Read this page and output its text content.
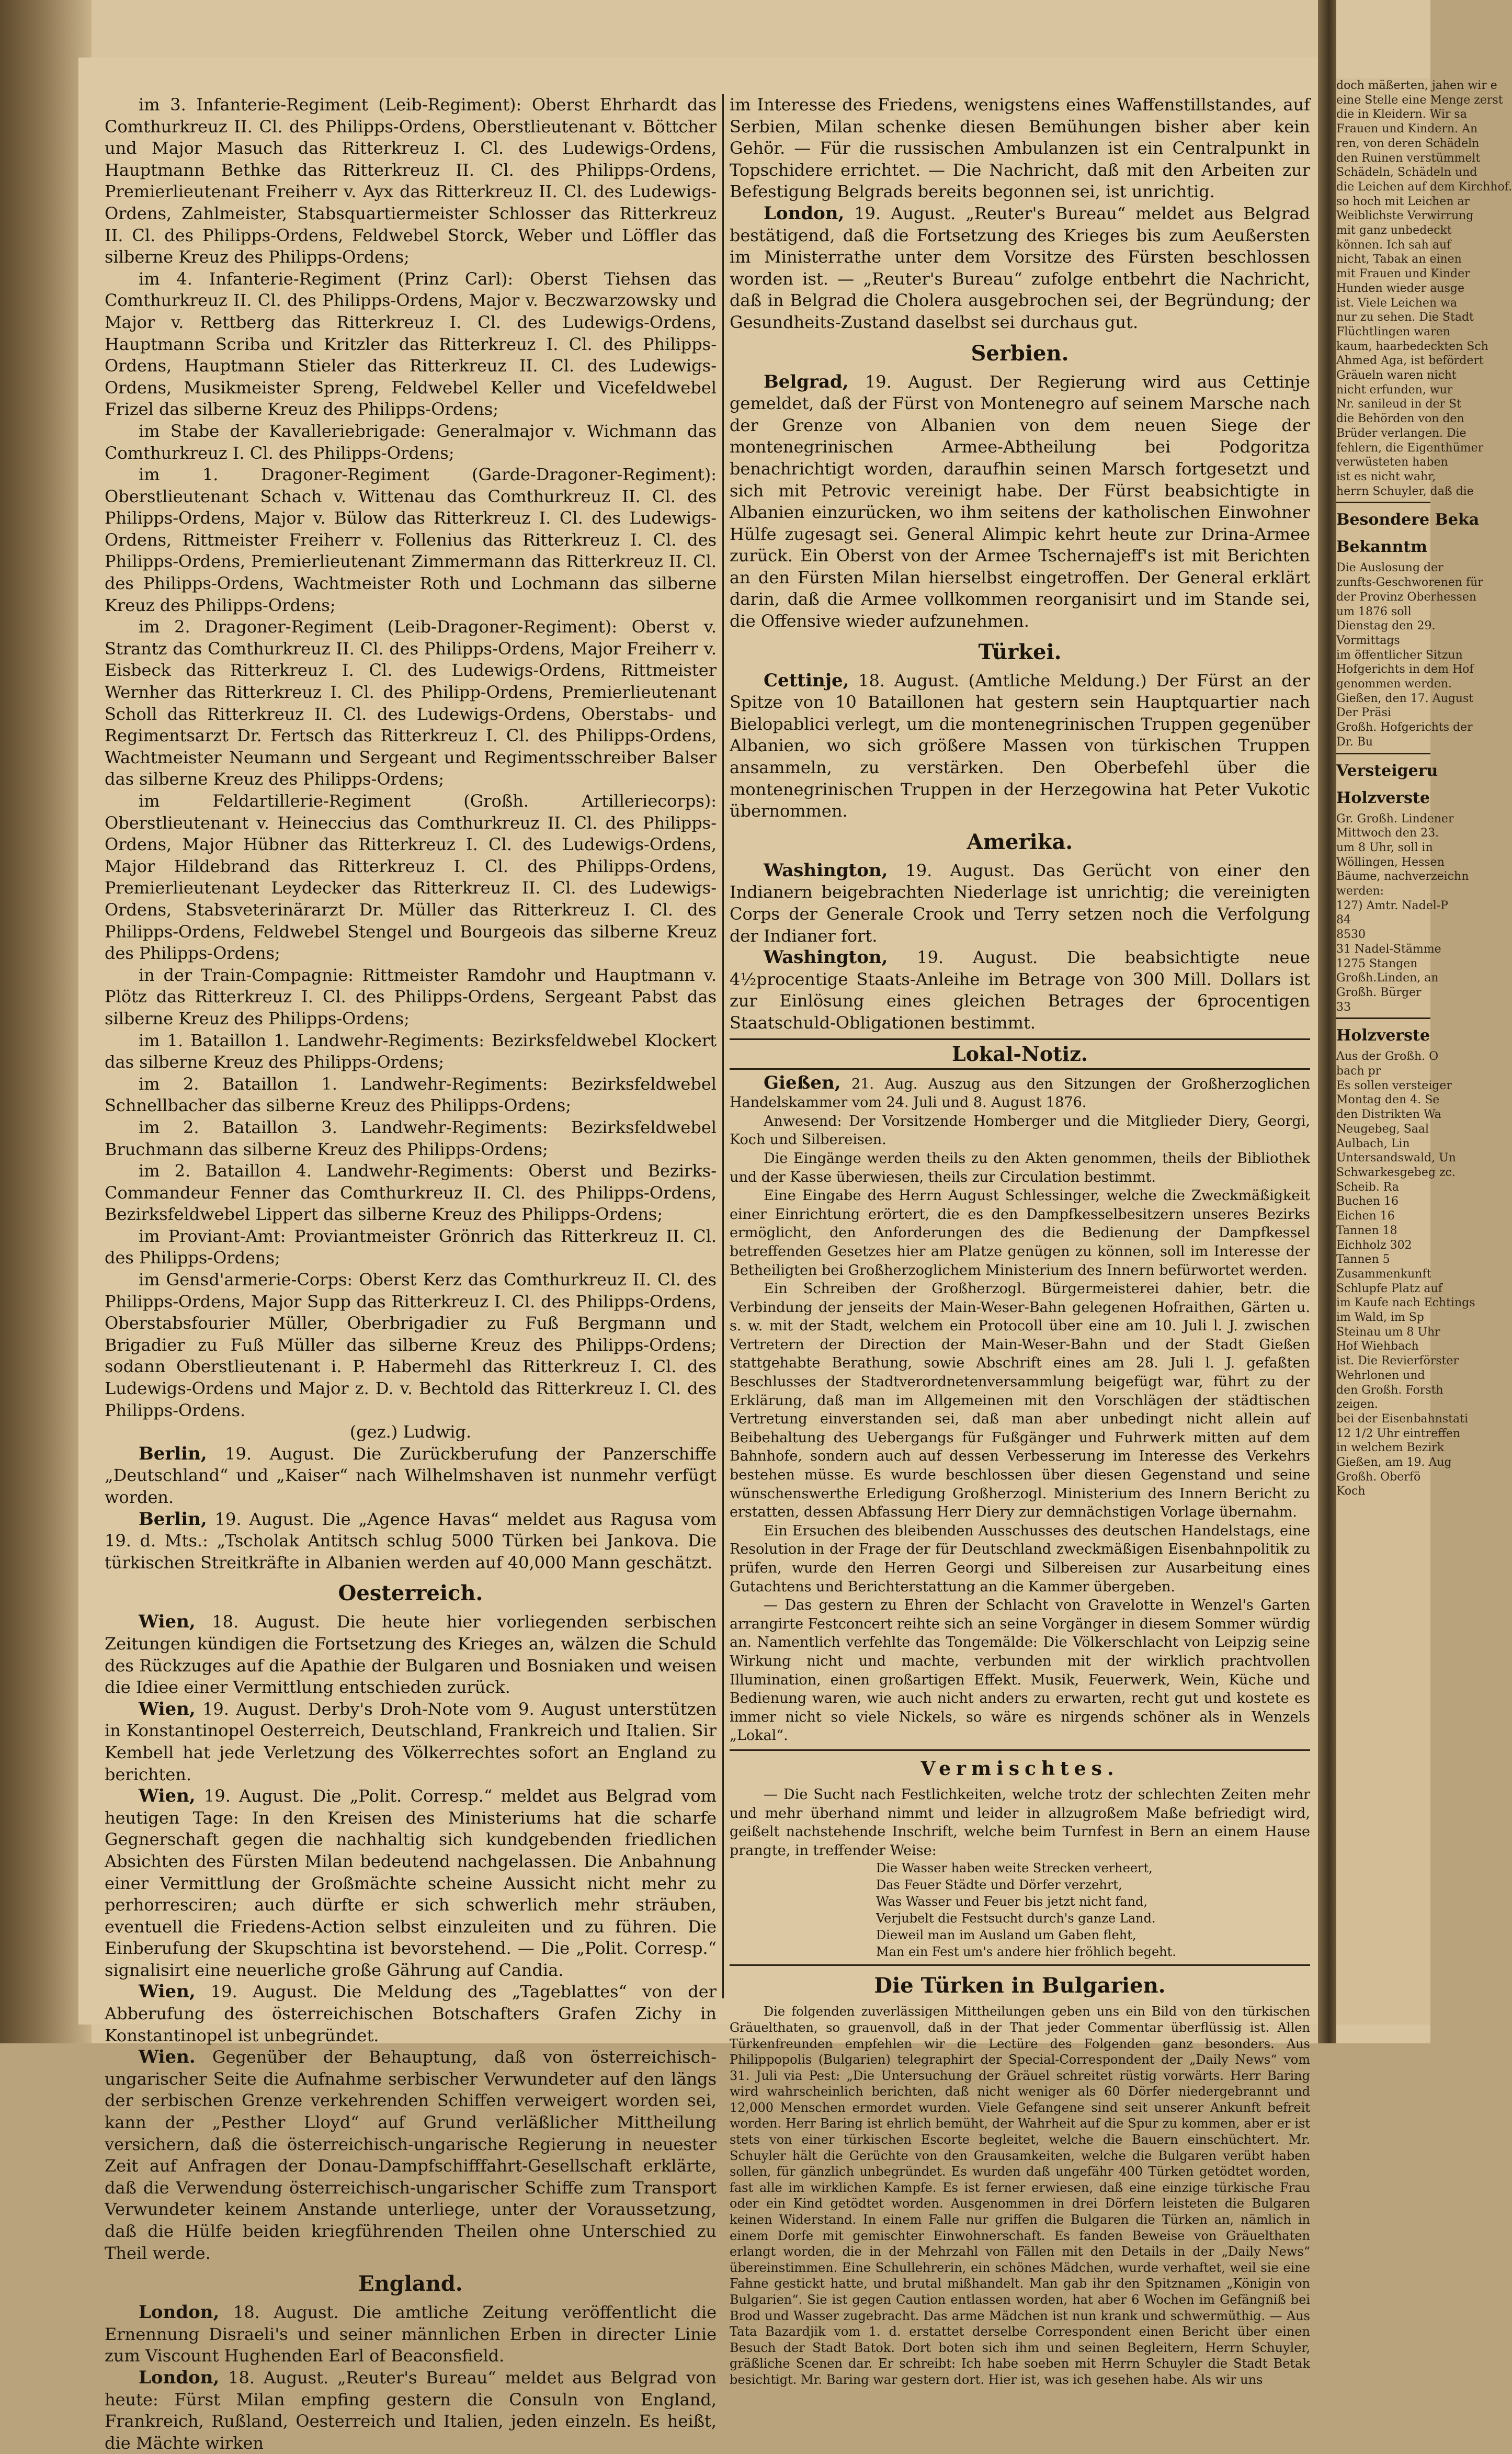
im 3. Infanterie-Regiment (Leib-Regiment): Oberst Ehrhardt das Comthurkreuz II. Cl. des Philipps-Ordens, Oberstlieutenant v. Böttcher und Major Masuch das Ritterkreuz I. Cl. des Ludewigs-Ordens, Hauptmann Bethke das Ritterkreuz II. Cl. des Philipps-Ordens, Premierlieutenant Freiherr v. Ayx das Ritterkreuz II. Cl. des Ludewigs-Ordens, Zahlmeister, Stabsquartiermeister Schlosser das Ritterkreuz II. Cl. des Philipps-Ordens, Feldwebel Storck, Weber und Löffler das silberne Kreuz des Philipps-Ordens;

im 4. Infanterie-Regiment (Prinz Carl): Oberst Tiehsen das Comthurkreuz II. Cl. des Philipps-Ordens, Major v. Beczwarzowsky und Major v. Rettberg das Ritterkreuz I. Cl. des Ludewigs-Ordens, Hauptmann Scriba und Kritzler das Ritterkreuz I. Cl. des Philipps-Ordens, Hauptmann Stieler das Ritterkreuz II. Cl. des Ludewigs-Ordens, Musikmeister Spreng, Feldwebel Keller und Vicefeldwebel Frizel das silberne Kreuz des Philipps-Ordens;

im Stabe der Kavalleriebrigade: Generalmajor v. Wichmann das Comthurkreuz I. Cl. des Philipps-Ordens;

im 1. Dragoner-Regiment (Garde-Dragoner-Regiment): Oberstlieutenant Schach v. Wittenau das Comthurkreuz II. Cl. des Philipps-Ordens, Major v. Bülow das Ritterkreuz I. Cl. des Ludewigs-Ordens, Rittmeister Freiherr v. Follenius das Ritterkreuz I. Cl. des Philipps-Ordens, Premierlieutenant Zimmermann das Ritterkreuz II. Cl. des Philipps-Ordens, Wachtmeister Roth und Lochmann das silberne Kreuz des Philipps-Ordens;

im 2. Dragoner-Regiment (Leib-Dragoner-Regiment): Oberst v. Strantz das Comthurkreuz II. Cl. des Philipps-Ordens, Major Freiherr v. Eisbeck das Ritterkreuz I. Cl. des Ludewigs-Ordens, Rittmeister Wernher das Ritterkreuz I. Cl. des Philipp-Ordens, Premierlieutenant Scholl das Ritterkreuz II. Cl. des Ludewigs-Ordens, Oberstabs- und Regimentsarzt Dr. Fertsch das Ritterkreuz I. Cl. des Philipps-Ordens, Wachtmeister Neumann und Sergeant und Regimentsschreiber Balser das silberne Kreuz des Philipps-Ordens;

im Feldartillerie-Regiment (Großh. Artilleriecorps): Oberstlieutenant v. Heineccius das Comthurkreuz II. Cl. des Philipps-Ordens, Major Hübner das Ritterkreuz I. Cl. des Ludewigs-Ordens, Major Hildebrand das Ritterkreuz I. Cl. des Philipps-Ordens, Premierlieutenant Leydecker das Ritterkreuz II. Cl. des Ludewigs-Ordens, Stabsveterinärarzt Dr. Müller das Ritterkreuz I. Cl. des Philipps-Ordens, Feldwebel Stengel und Bourgeois das silberne Kreuz des Philipps-Ordens;

in der Train-Compagnie: Rittmeister Ramdohr und Hauptmann v. Plötz das Ritterkreuz I. Cl. des Philipps-Ordens, Sergeant Pabst das silberne Kreuz des Philipps-Ordens;

im 1. Bataillon 1. Landwehr-Regiments: Bezirksfeldwebel Klockert das silberne Kreuz des Philipps-Ordens;

im 2. Bataillon 1. Landwehr-Regiments: Bezirksfeldwebel Schnellbacher das silberne Kreuz des Philipps-Ordens;

im 2. Bataillon 3. Landwehr-Regiments: Bezirksfeldwebel Bruchmann das silberne Kreuz des Philipps-Ordens;

im 2. Bataillon 4. Landwehr-Regiments: Oberst und Bezirks-Commandeur Fenner das Comthurkreuz II. Cl. des Philipps-Ordens, Bezirksfeldwebel Lippert das silberne Kreuz des Philipps-Ordens;

im Proviant-Amt: Proviantmeister Grönrich das Ritterkreuz II. Cl. des Philipps-Ordens;

im Gensd'armerie-Corps: Oberst Kerz das Comthurkreuz II. Cl. des Philipps-Ordens, Major Supp das Ritterkreuz I. Cl. des Philipps-Ordens, Oberstabsfourier Müller, Oberbrigadier zu Fuß Bergmann und Brigadier zu Fuß Müller das silberne Kreuz des Philipps-Ordens; sodann Oberstlieutenant i. P. Habermehl das Ritterkreuz I. Cl. des Ludewigs-Ordens und Major z. D. v. Bechtold das Ritterkreuz I. Cl. des Philipps-Ordens.

(gez.) Ludwig.

Berlin, 19. August. Die Zurückberufung der Panzerschiffe „Deutschland“ und „Kaiser“ nach Wilhelmshaven ist nunmehr verfügt worden.

Berlin, 19. August. Die „Agence Havas“ meldet aus Ragusa vom 19. d. Mts.: „Tscholak Antitsch schlug 5000 Türken bei Jankova. Die türkischen Streitkräfte in Albanien werden auf 40,000 Mann geschätzt.

Oesterreich.

Wien, 18. August. Die heute hier vorliegenden serbischen Zeitungen kündigen die Fortsetzung des Krieges an, wälzen die Schuld des Rückzuges auf die Apathie der Bulgaren und Bosniaken und weisen die Idiee einer Vermittlung entschieden zurück.

Wien, 19. August. Derby's Droh-Note vom 9. August unterstützen in Konstantinopel Oesterreich, Deutschland, Frankreich und Italien. Sir Kembell hat jede Verletzung des Völkerrechtes sofort an England zu berichten.

Wien, 19. August. Die „Polit. Corresp.“ meldet aus Belgrad vom heutigen Tage: In den Kreisen des Ministeriums hat die scharfe Gegnerschaft gegen die nachhaltig sich kundgebenden friedlichen Absichten des Fürsten Milan bedeutend nachgelassen. Die Anbahnung einer Vermittlung der Großmächte scheine Aussicht nicht mehr zu perhorresciren; auch dürfte er sich schwerlich mehr sträuben, eventuell die Friedens-Action selbst einzuleiten und zu führen. Die Einberufung der Skupschtina ist bevorstehend. — Die „Polit. Corresp.“ signalisirt eine neuerliche große Gährung auf Candia.

Wien, 19. August. Die Meldung des „Tageblattes“ von der Abberufung des österreichischen Botschafters Grafen Zichy in Konstantinopel ist unbegründet.

Wien. Gegenüber der Behauptung, daß von österreichisch-ungarischer Seite die Aufnahme serbischer Verwundeter auf den längs der serbischen Grenze verkehrenden Schiffen verweigert worden sei, kann der „Pesther Lloyd“ auf Grund verläßlicher Mittheilung versichern, daß die österreichisch-ungarische Regierung in neuester Zeit auf Anfragen der Donau-Dampfschifffahrt-Gesellschaft erklärte, daß die Verwendung österreichisch-ungarischer Schiffe zum Transport Verwundeter keinem Anstande unterliege, unter der Voraussetzung, daß die Hülfe beiden kriegführenden Theilen ohne Unterschied zu Theil werde.

England.

London, 18. August. Die amtliche Zeitung veröffentlicht die Ernennung Disraeli's und seiner männlichen Erben in directer Linie zum Viscount Hughenden Earl of Beaconsfield.

London, 18. August. „Reuter's Bureau“ meldet aus Belgrad von heute: Fürst Milan empfing gestern die Consuln von England, Frankreich, Rußland, Oesterreich und Italien, jeden einzeln. Es heißt, die Mächte wirken

im Interesse des Friedens, wenigstens eines Waffenstillstandes, auf Serbien, Milan schenke diesen Bemühungen bisher aber kein Gehör. — Für die russischen Ambulanzen ist ein Centralpunkt in Topschidere errichtet. — Die Nachricht, daß mit den Arbeiten zur Befestigung Belgrads bereits begonnen sei, ist unrichtig.

London, 19. August. „Reuter's Bureau“ meldet aus Belgrad bestätigend, daß die Fortsetzung des Krieges bis zum Aeußersten im Ministerrathe unter dem Vorsitze des Fürsten beschlossen worden ist. — „Reuter's Bureau“ zufolge entbehrt die Nachricht, daß in Belgrad die Cholera ausgebrochen sei, der Begründung; der Gesundheits-Zustand daselbst sei durchaus gut.

Serbien.

Belgrad, 19. August. Der Regierung wird aus Cettinje gemeldet, daß der Fürst von Montenegro auf seinem Marsche nach der Grenze von Albanien von dem neuen Siege der montenegrinischen Armee-Abtheilung bei Podgoritza benachrichtigt worden, daraufhin seinen Marsch fortgesetzt und sich mit Petrovic vereinigt habe. Der Fürst beabsichtigte in Albanien einzurücken, wo ihm seitens der katholischen Einwohner Hülfe zugesagt sei. General Alimpic kehrt heute zur Drina-Armee zurück. Ein Oberst von der Armee Tschernajeff's ist mit Berichten an den Fürsten Milan hierselbst eingetroffen. Der General erklärt darin, daß die Armee vollkommen reorganisirt und im Stande sei, die Offensive wieder aufzunehmen.

Türkei.

Cettinje, 18. August. (Amtliche Meldung.) Der Fürst an der Spitze von 10 Bataillonen hat gestern sein Hauptquartier nach Bielopablici verlegt, um die montenegrinischen Truppen gegenüber Albanien, wo sich größere Massen von türkischen Truppen ansammeln, zu verstärken. Den Oberbefehl über die montenegrinischen Truppen in der Herzegowina hat Peter Vukotic übernommen.

Amerika.

Washington, 19. August. Das Gerücht von einer den Indianern beigebrachten Niederlage ist unrichtig; die vereinigten Corps der Generale Crook und Terry setzen noch die Verfolgung der Indianer fort.

Washington, 19. August. Die beabsichtigte neue 4½procentige Staats-Anleihe im Betrage von 300 Mill. Dollars ist zur Einlösung eines gleichen Betrages der 6procentigen Staatschuld-Obligationen bestimmt.

Lokal-Notiz.

Gießen, 21. Aug. Auszug aus den Sitzungen der Großherzoglichen Handelskammer vom 24. Juli und 8. August 1876.

Anwesend: Der Vorsitzende Homberger und die Mitglieder Diery, Georgi, Koch und Silbereisen.

Die Eingänge werden theils zu den Akten genommen, theils der Bibliothek und der Kasse überwiesen, theils zur Circulation bestimmt.

Eine Eingabe des Herrn August Schlessinger, welche die Zweckmäßigkeit einer Einrichtung erörtert, die es den Dampfkesselbesitzern unseres Bezirks ermöglicht, den Anforderungen des die Bedienung der Dampfkessel betreffenden Gesetzes hier am Platze genügen zu können, soll im Interesse der Betheiligten bei Großherzoglichem Ministerium des Innern befürwortet werden.

Ein Schreiben der Großherzogl. Bürgermeisterei dahier, betr. die Verbindung der jenseits der Main-Weser-Bahn gelegenen Hofraithen, Gärten u. s. w. mit der Stadt, welchem ein Protocoll über eine am 10. Juli l. J. zwischen Vertretern der Direction der Main-Weser-Bahn und der Stadt Gießen stattgehabte Berathung, sowie Abschrift eines am 28. Juli l. J. gefaßten Beschlusses der Stadtverordnetenversammlung beigefügt war, führt zu der Erklärung, daß man im Allgemeinen mit den Vorschlägen der städtischen Vertretung einverstanden sei, daß man aber unbedingt nicht allein auf Beibehaltung des Uebergangs für Fußgänger und Fuhrwerk mitten auf dem Bahnhofe, sondern auch auf dessen Verbesserung im Interesse des Verkehrs bestehen müsse. Es wurde beschlossen über diesen Gegenstand und seine wünschenswerthe Erledigung Großherzogl. Ministerium des Innern Bericht zu erstatten, dessen Abfassung Herr Diery zur demnächstigen Vorlage übernahm.

Ein Ersuchen des bleibenden Ausschusses des deutschen Handelstags, eine Resolution in der Frage der für Deutschland zweckmäßigen Eisenbahnpolitik zu prüfen, wurde den Herren Georgi und Silbereisen zur Ausarbeitung eines Gutachtens und Berichterstattung an die Kammer übergeben.

— Das gestern zu Ehren der Schlacht von Gravelotte in Wenzel's Garten arrangirte Festconcert reihte sich an seine Vorgänger in diesem Sommer würdig an. Namentlich verfehlte das Tongemälde: Die Völkerschlacht von Leipzig seine Wirkung nicht und machte, verbunden mit der wirklich prachtvollen Illumination, einen großartigen Effekt. Musik, Feuerwerk, Wein, Küche und Bedienung waren, wie auch nicht anders zu erwarten, recht gut und kostete es immer nicht so viele Nickels, so wäre es nirgends schöner als in Wenzels „Lokal“.

Vermischtes.

— Die Sucht nach Festlichkeiten, welche trotz der schlechten Zeiten mehr und mehr überhand nimmt und leider in allzugroßem Maße befriedigt wird, geißelt nachstehende Inschrift, welche beim Turnfest in Bern an einem Hause prangte, in treffender Weise:

Die Wasser haben weite Strecken verheert,

Das Feuer Städte und Dörfer verzehrt,

Was Wasser und Feuer bis jetzt nicht fand,

Verjubelt die Festsucht durch's ganze Land.

Dieweil man im Ausland um Gaben fleht,

Man ein Fest um's andere hier fröhlich begeht.

Die Türken in Bulgarien.

Die folgenden zuverlässigen Mittheilungen geben uns ein Bild von den türkischen Gräuelthaten, so grauenvoll, daß in der That jeder Commentar überflüssig ist. Allen Türkenfreunden empfehlen wir die Lectüre des Folgenden ganz besonders. Aus Philippopolis (Bulgarien) telegraphirt der Special-Correspondent der „Daily News“ vom 31. Juli via Pest: „Die Untersuchung der Gräuel schreitet rüstig vorwärts. Herr Baring wird wahrscheinlich berichten, daß nicht weniger als 60 Dörfer niedergebrannt und 12,000 Menschen ermordet wurden. Viele Gefangene sind seit unserer Ankunft befreit worden. Herr Baring ist ehrlich bemüht, der Wahrheit auf die Spur zu kommen, aber er ist stets von einer türkischen Escorte begleitet, welche die Bauern einschüchtert. Mr. Schuyler hält die Gerüchte von den Grausamkeiten, welche die Bulgaren verübt haben sollen, für gänzlich unbegründet. Es wurden daß ungefähr 400 Türken getödtet worden, fast alle im wirklichen Kampfe. Es ist ferner erwiesen, daß eine einzige türkische Frau oder ein Kind getödtet worden. Ausgenommen in drei Dörfern leisteten die Bulgaren keinen Widerstand. In einem Falle nur griffen die Bulgaren die Türken an, nämlich in einem Dorfe mit gemischter Einwohnerschaft. Es fanden Beweise von Gräuelthaten erlangt worden, die in der Mehrzahl von Fällen mit den Details in der „Daily News“ übereinstimmen. Eine Schullehrerin, ein schönes Mädchen, wurde verhaftet, weil sie eine Fahne gestickt hatte, und brutal mißhandelt. Man gab ihr den Spitznamen „Königin von Bulgarien“. Sie ist gegen Caution entlassen worden, hat aber 6 Wochen im Gefängniß bei Brod und Wasser zugebracht. Das arme Mädchen ist nun krank und schwermüthig. — Aus Tata Bazardjik vom 1. d. erstattet derselbe Correspondent einen Bericht über einen Besuch der Stadt Batok. Dort boten sich ihm und seinen Begleitern, Herrn Schuyler, gräßliche Scenen dar. Er schreibt: Ich habe soeben mit Herrn Schuyler die Stadt Betak besichtigt. Mr. Baring war gestern dort. Hier ist, was ich gesehen habe. Als wir uns

doch mäßerten, jahen wir e

eine Stelle eine Menge zerst

die in Kleidern. Wir sa

Frauen und Kindern. An

ren, von deren Schädeln

den Ruinen verstümmelt

Schädeln, Schädeln und

die Leichen auf dem Kirchhof.

so hoch mit Leichen ar

Weiblichste Verwirrung

mit ganz unbedeckt

können. Ich sah auf

nicht, Tabak an einen

mit Frauen und Kinder

Hunden wieder ausge

ist. Viele Leichen wa

nur zu sehen. Die Stadt

Flüchtlingen waren

kaum, haarbedeckten Sch

Ahmed Aga, ist befördert

Gräueln waren nicht

nicht erfunden, wur

Nr. sanileud in der St

die Behörden von den

Brüder verlangen. Die

fehlern, die Eigenthümer

verwüsteten haben

ist es nicht wahr,

herrn Schuyler, daß die

Besondere Beka

Bekanntm

Die Auslosung der

zunfts-Geschworenen für

der Provinz Oberhessen

um 1876 soll

Dienstag den 29.

Vormittags

im öffentlicher Sitzun

Hofgerichts in dem Hof

genommen werden.

Gießen, den 17. August

Der Präsi

Großh. Hofgerichts der

Dr. Bu

Versteigeru

Holzverste

Gr. Großh. Lindener

Mittwoch den 23.

um 8 Uhr, soll in

Wöllingen, Hessen

Bäume, nachverzeichn

werden:

127) Amtr. Nadel-P

84

8530

31 Nadel-Stämme

1275 Stangen

Großh.Linden, an

Großh. Bürger

33

Holzverste

Aus der Großh. O

bach pr

Es sollen versteiger

Montag den 4. Se

den Distrikten Wa

Neugebeg, Saal

Aulbach, Lin

Untersandswald, Un

Schwarkesgebeg zc.

Scheib. Ra

Buchen 16

Eichen 16

Tannen 18

Eichholz 302

Tannen 5

Zusammenkunft

Schlupfe Platz auf

im Kaufe nach Echtings

im Wald, im Sp

Steinau um 8 Uhr

Hof Wiehbach

ist. Die Revierförster

Wehrlonen und

den Großh. Forsth

zeigen.

bei der Eisenbahnstati

12 1/2 Uhr eintreffen

in welchem Bezirk

Gießen, am 19. Aug

Großh. Oberfö

Koch
